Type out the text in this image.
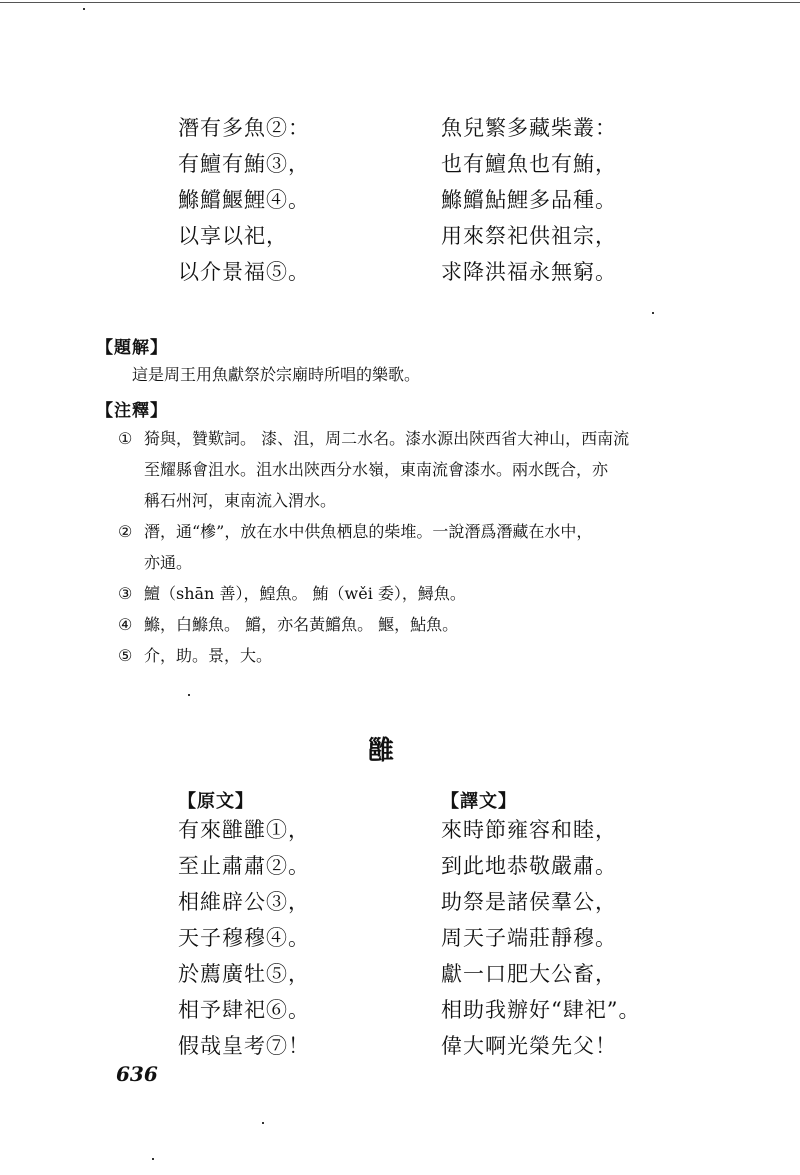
潛有多魚②：
有鱣有鮪③，
鰷鱨鰋鯉④。
以享以祀，
以介景福⑤。
魚兒繁多藏柴叢：
也有鱣魚也有鮪，
鰷鱨鮎鯉多品種。
用來祭祀供祖宗，
求降洪福永無窮。
【題解】
這是周王用魚獻祭於宗廟時所唱的樂歌。
【注釋】
① 猗與，贊歎詞。 漆、沮，周二水名。漆水源出陝西省大神山，西南流
至耀縣會沮水。沮水出陝西分水嶺，東南流會漆水。兩水旣合，亦
稱石州河，東南流入渭水。
② 潛，通“槮”，放在水中供魚栖息的柴堆。一說潛爲潛藏在水中，
亦通。
③ 鱣（shān 善），鰉魚。 鮪（wěi 委），鱘魚。
④ 鰷，白鰷魚。 鱨，亦名黃鱨魚。 鰋，鮎魚。
⑤ 介，助。景，大。
雝
【原文】	【譯文】
有來雝雝①，
至止肅肅②。
相維辟公③，
天子穆穆④。
於薦廣牡⑤，
相予肆祀⑥。
假哉皇考⑦！
來時節雍容和睦，
到此地恭敬嚴肅。
助祭是諸侯羣公，
周天子端莊靜穆。
獻一口肥大公畜，
相助我辦好“肆祀”。
偉大啊光榮先父！
636
